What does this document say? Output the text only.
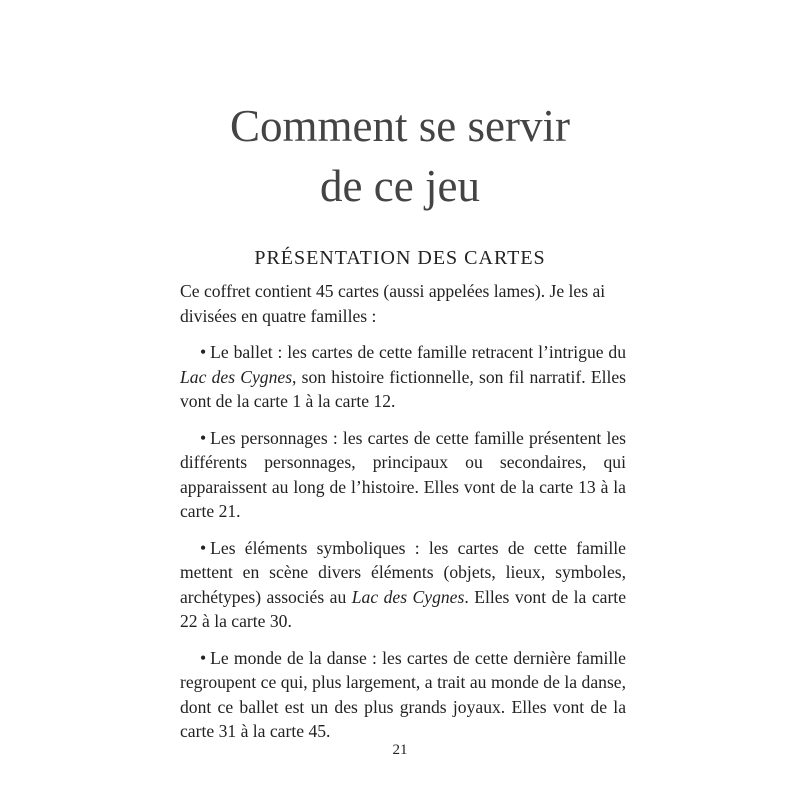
Comment se servir
de ce jeu
PRÉSENTATION DES CARTES

Ce coffret contient 45 cartes (aussi appelées lames). Je les ai divisées en quatre familles :

• Le ballet : les cartes de cette famille retracent l’intrigue du Lac des Cygnes, son histoire fictionnelle, son fil narratif. Elles vont de la carte 1 à la carte 12.

• Les personnages : les cartes de cette famille présentent les différents personnages, principaux ou secondaires, qui apparaissent au long de l’histoire. Elles vont de la carte 13 à la carte 21.

• Les éléments symboliques : les cartes de cette famille mettent en scène divers éléments (objets, lieux, symboles, archétypes) associés au Lac des Cygnes. Elles vont de la carte 22 à la carte 30.

• Le monde de la danse : les cartes de cette dernière famille regroupent ce qui, plus largement, a trait au monde de la danse, dont ce ballet est un des plus grands joyaux. Elles vont de la carte 31 à la carte 45.

21
